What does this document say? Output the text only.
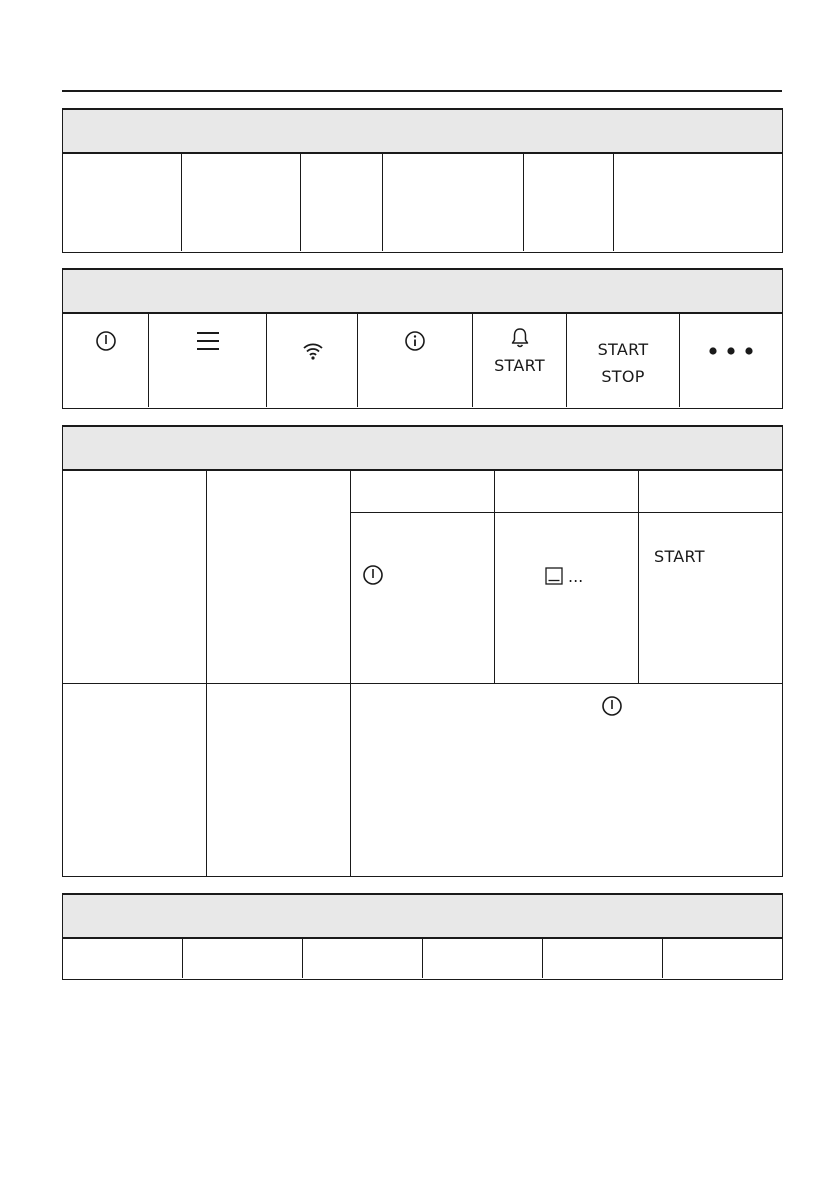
START
START
STOP
...
START
